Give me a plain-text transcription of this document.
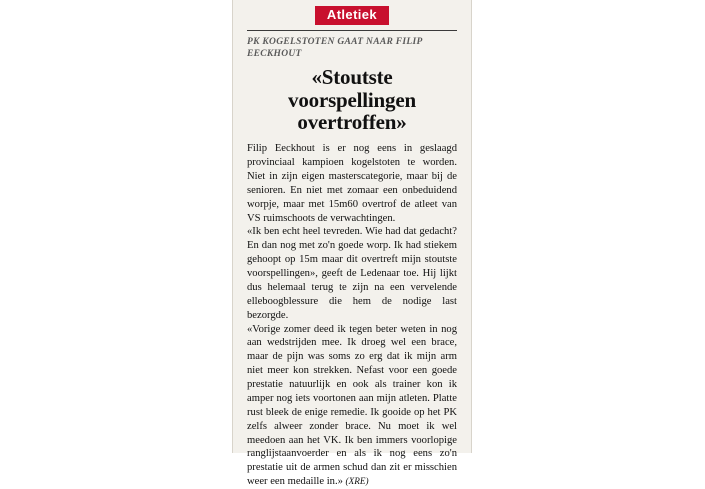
Atletiek
PK KOGELSTOTEN GAAT NAAR FILIP EECKHOUT
«Stoutste
voorspellingen
overtroffen»

Filip Eeckhout is er nog eens in geslaagd provinciaal kampioen kogelstoten te worden. Niet in zijn eigen masterscategorie, maar bij de senioren. En niet met zomaar een onbeduidend worpje, maar met 15m60 overtrof de atleet van VS ruimschoots de verwachtingen.

«Ik ben echt heel tevreden. Wie had dat gedacht? En dan nog met zo'n goede worp. Ik had stiekem gehoopt op 15m maar dit overtreft mijn stoutste voorspellingen», geeft de Ledenaar toe. Hij lijkt dus helemaal terug te zijn na een vervelende elleboogblessure die hem de nodige last bezorgde.

«Vorige zomer deed ik tegen beter weten in nog aan wedstrijden mee. Ik droeg wel een brace, maar de pijn was soms zo erg dat ik mijn arm niet meer kon strekken. Nefast voor een goede prestatie natuurlijk en ook als trainer kon ik amper nog iets voortonen aan mijn atleten. Platte rust bleek de enige remedie. Ik gooide op het PK zelfs alweer zonder brace. Nu moet ik wel meedoen aan het VK. Ik ben immers voorlopige ranglijstaanvoerder en als ik nog eens zo'n prestatie uit de armen schud dan zit er misschien weer een medaille in.» (XRE)
